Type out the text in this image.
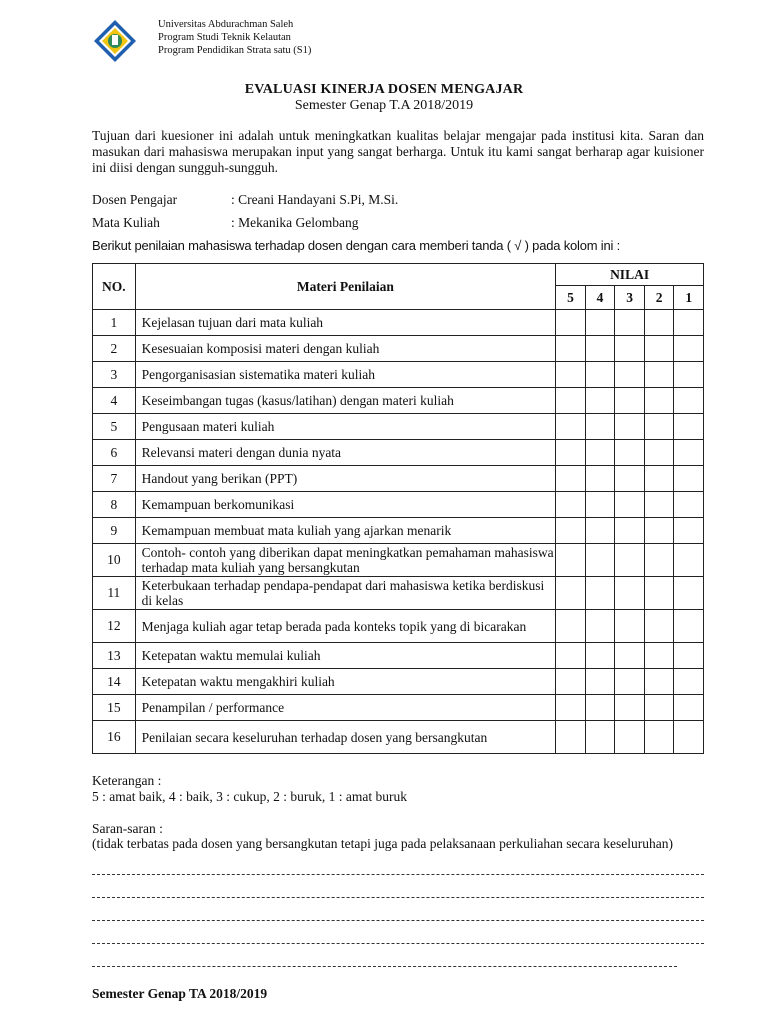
Universitas Abdurachman Saleh
Program Studi Teknik Kelautan
Program Pendidikan Strata satu (S1)
EVALUASI KINERJA DOSEN MENGAJAR
Semester Genap T.A 2018/2019
Tujuan dari kuesioner ini adalah untuk meningkatkan kualitas belajar mengajar pada institusi kita. Saran dan masukan dari mahasiswa merupakan input yang sangat berharga. Untuk itu kami sangat berharap agar kuisioner ini diisi dengan sungguh-sungguh.
Dosen Pengajar	: Creani Handayani S.Pi, M.Si.
Mata Kuliah	: Mekanika Gelombang
Berikut penilaian mahasiswa terhadap dosen dengan cara memberi tanda ( √ ) pada kolom ini :
NO.	Materi Penilaian	NILAI				
		5	4	3	2	1
1	Kejelasan tujuan dari mata kuliah					
2	Kesesuaian komposisi materi dengan kuliah					
3	Pengorganisasian sistematika materi kuliah					
4	Keseimbangan tugas (kasus/latihan) dengan materi kuliah					
5	Pengusaan materi kuliah					
6	Relevansi materi dengan dunia nyata					
7	Handout yang berikan (PPT)					
8	Kemampuan berkomunikasi					
9	Kemampuan membuat mata kuliah yang ajarkan menarik					
10	Contoh- contoh yang diberikan dapat meningkatkan pemahaman mahasiswa terhadap mata kuliah yang bersangkutan					
11	Keterbukaan terhadap pendapa-pendapat dari mahasiswa ketika berdiskusi di kelas					
12	Menjaga kuliah agar tetap berada pada konteks topik yang di bicarakan					
13	Ketepatan waktu memulai kuliah					
14	Ketepatan waktu mengakhiri kuliah					
15	Penampilan / performance					
16	Penilaian secara keseluruhan terhadap dosen yang bersangkutan					
Keterangan :
5 : amat baik, 4 : baik, 3 : cukup, 2 : buruk, 1 : amat buruk
Saran-saran :
(tidak terbatas pada dosen yang bersangkutan tetapi juga pada pelaksanaan perkuliahan secara keseluruhan)
Semester Genap TA 2018/2019
